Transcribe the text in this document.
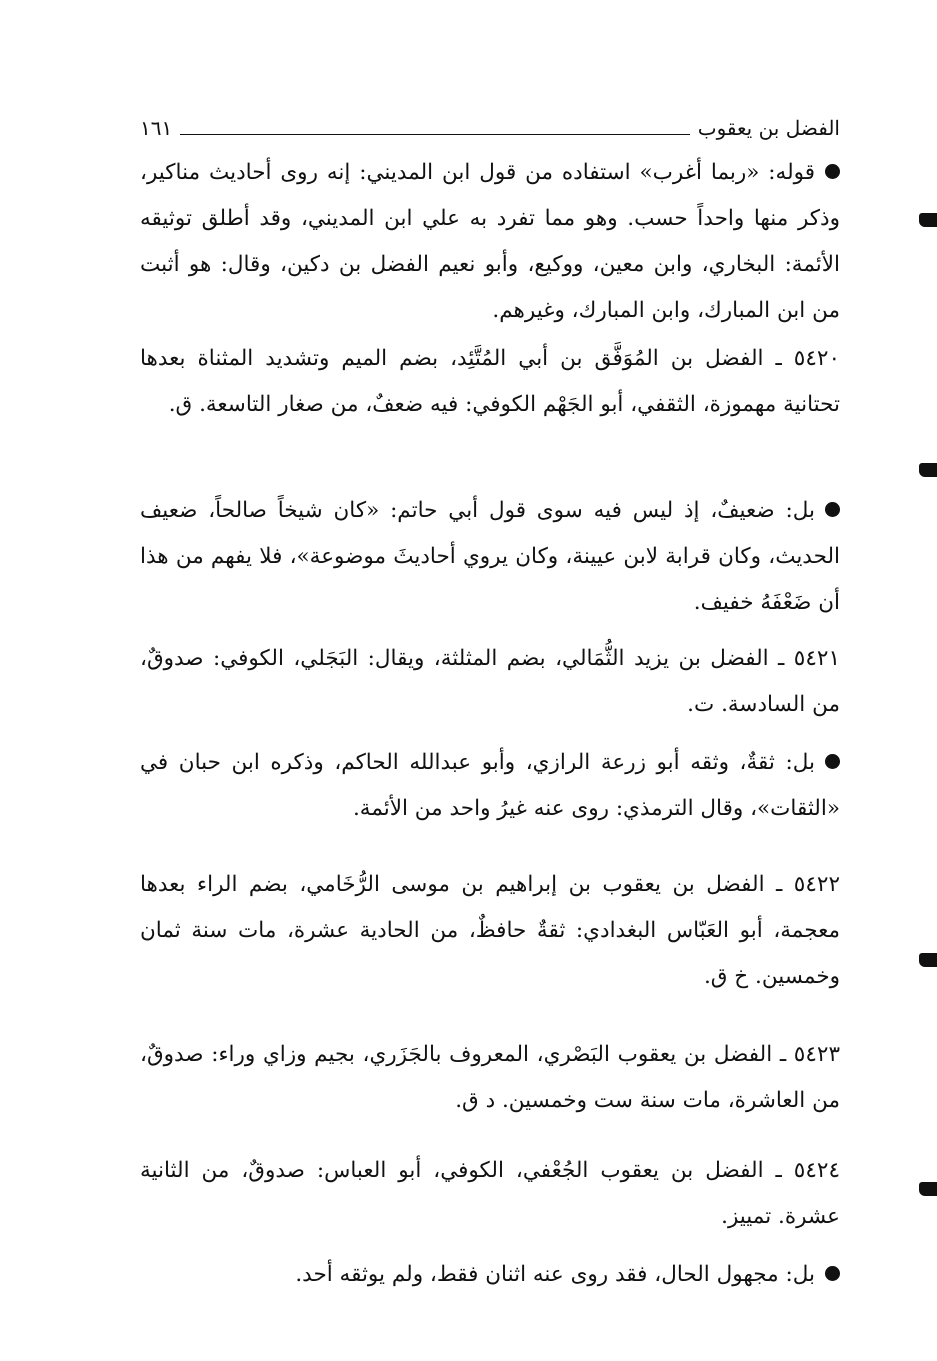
الفضل بن يعقوب
١٦١
قوله: «ربما أغرب» استفاده من قول ابن المديني: إنه روى أحاديث مناكير، وذكر منها واحداً حسب. وهو مما تفرد به علي ابن المديني، وقد أطلق توثيقه الأئمة: البخاري، وابن معين، ووكيع، وأبو نعيم الفضل بن دكين، وقال: هو أثبت من ابن المبارك، وابن المبارك، وغيرهم.
٥٤٢٠ ـ الفضل بن المُوَفَّق بن أبي المُتَّئِد، بضم الميم وتشديد المثناة بعدها تحتانية مهموزة، الثقفي، أبو الجَهْم الكوفي: فيه ضعفٌ، من صغار التاسعة. ق.
بل: ضعيفٌ، إذ ليس فيه سوى قول أبي حاتم: «كان شيخاً صالحاً، ضعيف الحديث، وكان قرابة لابن عيينة، وكان يروي أحاديثَ موضوعة»، فلا يفهم من هذا أن ضَعْفَهُ خفيف.
٥٤٢١ ـ الفضل بن يزيد الثُّمَالي، بضم المثلثة، ويقال: البَجَلي، الكوفي: صدوقٌ، من السادسة. ت.
بل: ثقةٌ، وثقه أبو زرعة الرازي، وأبو عبدالله الحاكم، وذكره ابن حبان في «الثقات»، وقال الترمذي: روى عنه غيرُ واحد من الأئمة.
٥٤٢٢ ـ الفضل بن يعقوب بن إبراهيم بن موسى الرُّخَامي، بضم الراء بعدها معجمة، أبو العَبّاس البغدادي: ثقةٌ حافظٌ، من الحادية عشرة، مات سنة ثمان وخمسين. خ ق.
٥٤٢٣ ـ الفضل بن يعقوب البَصْري، المعروف بالجَزَري، بجيم وزاي وراء: صدوقٌ، من العاشرة، مات سنة ست وخمسين. د ق.
٥٤٢٤ ـ الفضل بن يعقوب الجُعْفي، الكوفي، أبو العباس: صدوقٌ، من الثانية عشرة. تمييز.
بل: مجهول الحال، فقد روى عنه اثنان فقط، ولم يوثقه أحد.
